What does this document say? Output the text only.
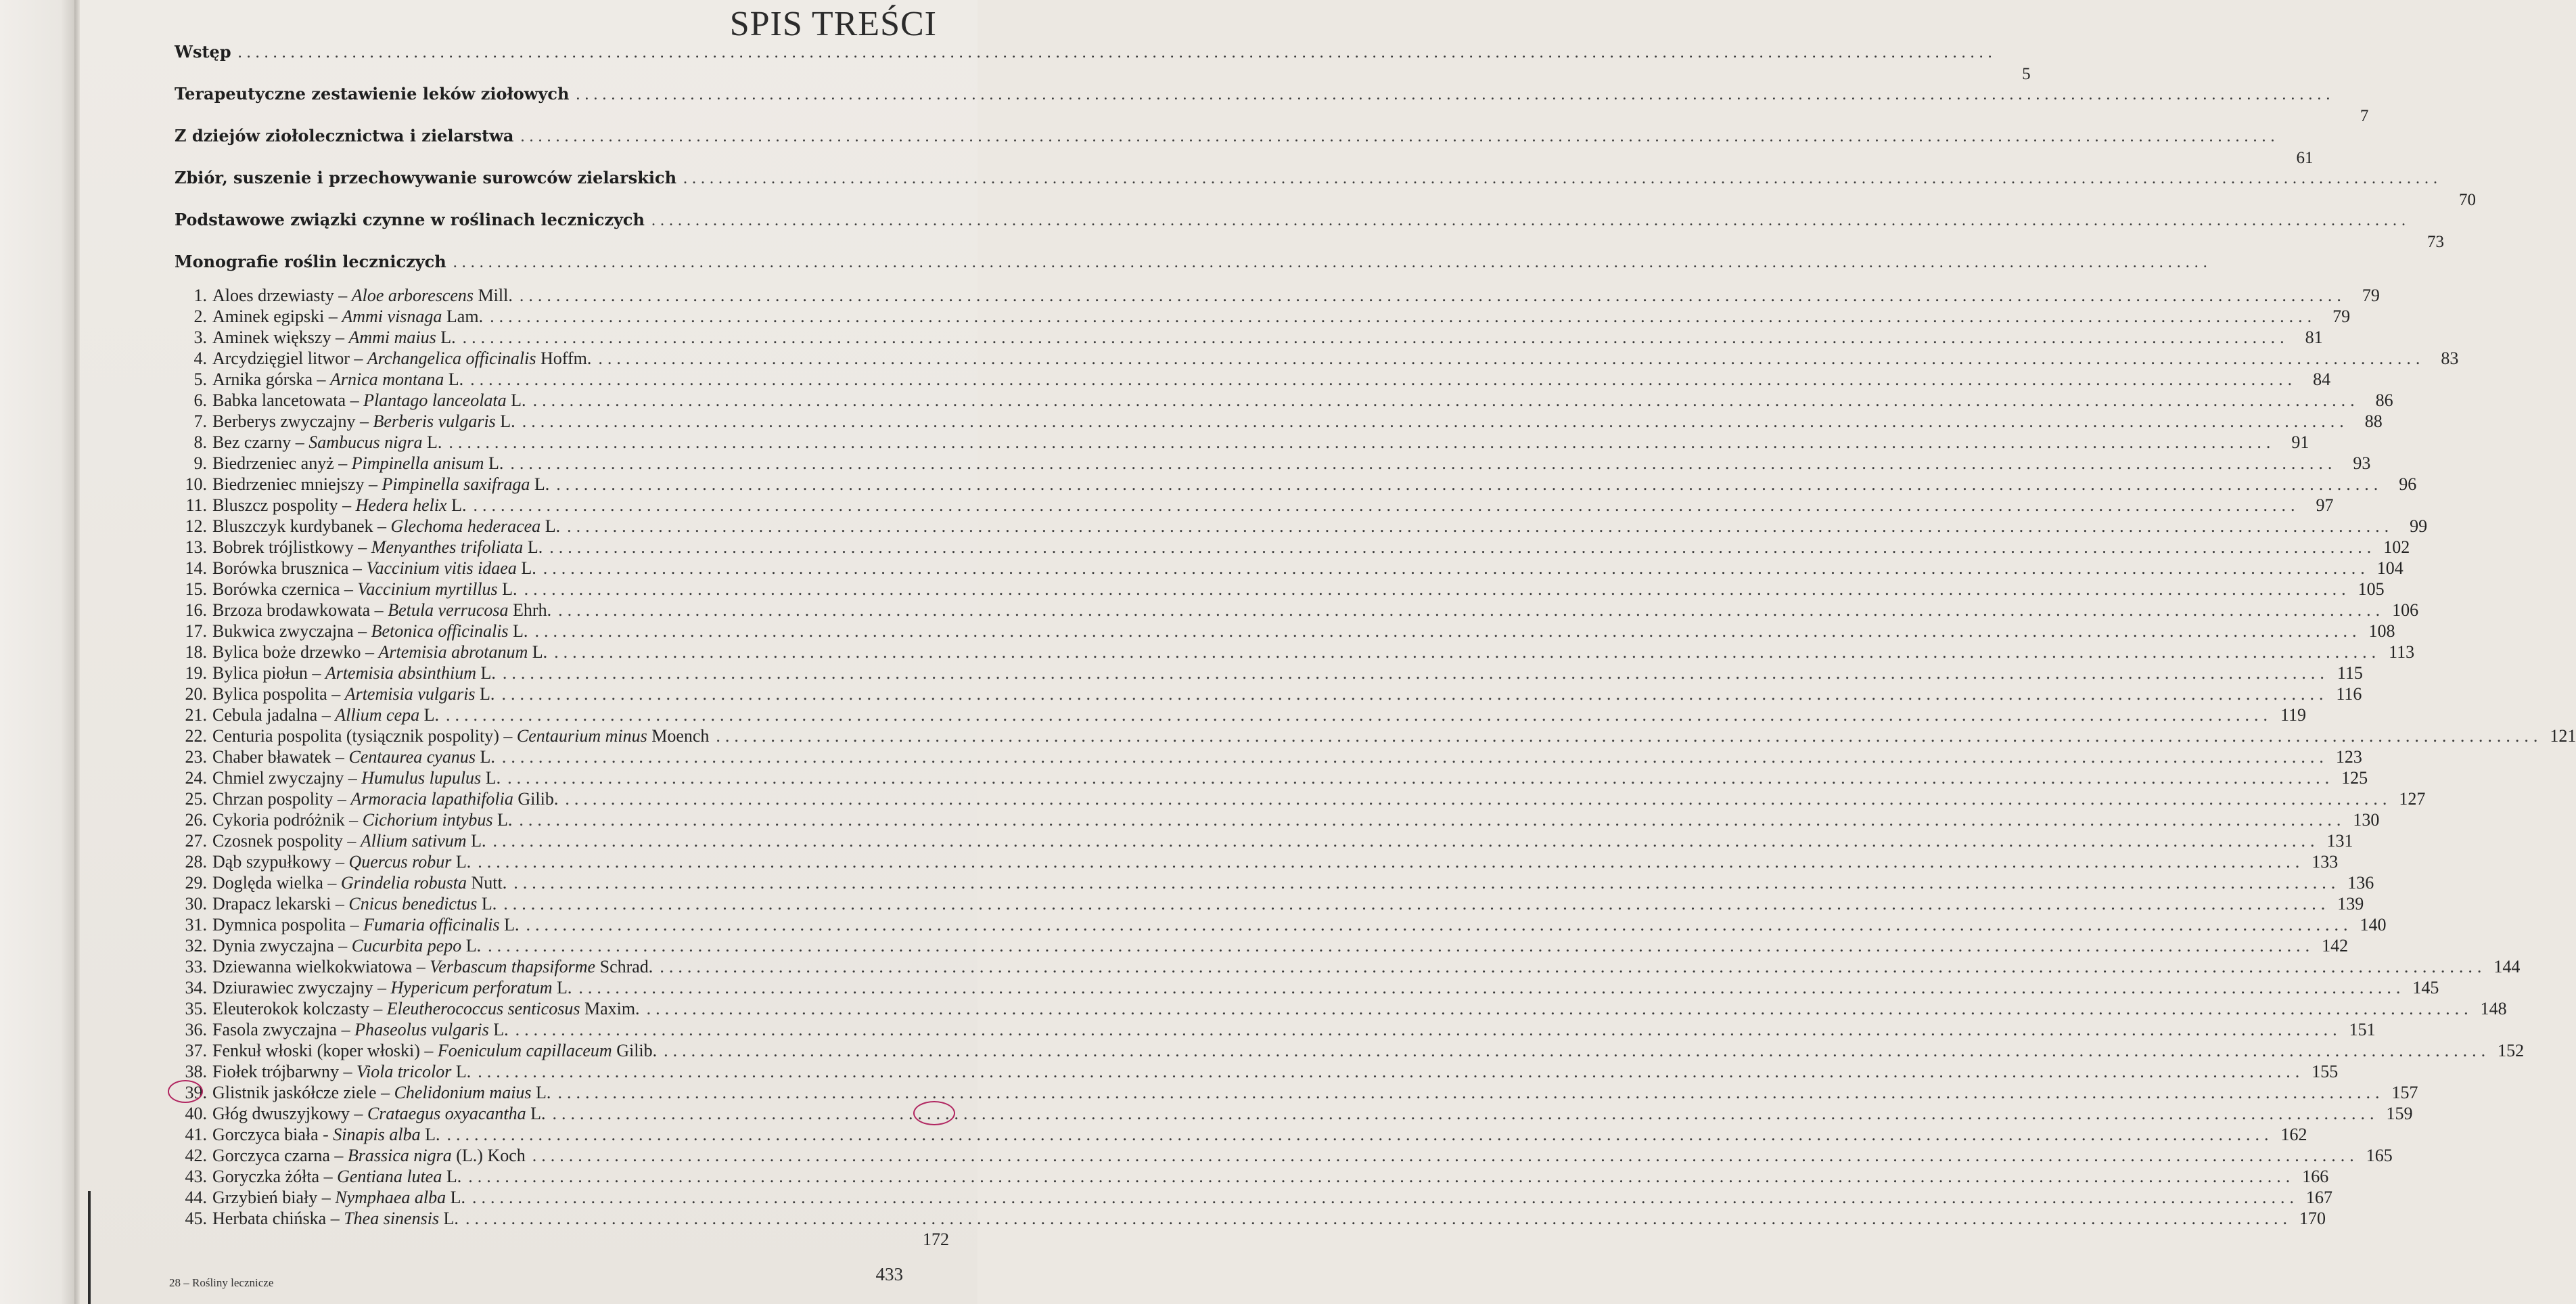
SPIS TREŚCI
Wstęp ........................................................................................................................................................................................................
5
Terapeutyczne zestawienie leków ziołowych ........................................................................................................................................................................................................
7
Z dziejów ziołolecznictwa i zielarstwa ........................................................................................................................................................................................................
61
Zbiór, suszenie i przechowywanie surowców zielarskich ........................................................................................................................................................................................................
70
Podstawowe związki czynne w roślinach leczniczych ........................................................................................................................................................................................................
73
Monografie roślin leczniczych ........................................................................................................................................................................................................
1. Aloes drzewiasty – Aloe arborescens Mill. ........................................................................................................................................................................................................ 79
2. Aminek egipski – Ammi visnaga Lam. ........................................................................................................................................................................................................ 79
3. Aminek większy – Ammi maius L. ........................................................................................................................................................................................................ 81
4. Arcydzięgiel litwor – Archangelica officinalis Hoffm. ........................................................................................................................................................................................................ 83
5. Arnika górska – Arnica montana L. ........................................................................................................................................................................................................ 84
6. Babka lancetowata – Plantago lanceolata L. ........................................................................................................................................................................................................ 86
7. Berberys zwyczajny – Berberis vulgaris L. ........................................................................................................................................................................................................ 88
8. Bez czarny – Sambucus nigra L. ........................................................................................................................................................................................................ 91
9. Biedrzeniec anyż – Pimpinella anisum L. ........................................................................................................................................................................................................ 93
10. Biedrzeniec mniejszy – Pimpinella saxifraga L. ........................................................................................................................................................................................................ 96
11. Bluszcz pospolity – Hedera helix L. ........................................................................................................................................................................................................ 97
12. Bluszczyk kurdybanek – Glechoma hederacea L. ........................................................................................................................................................................................................ 99
13. Bobrek trójlistkowy – Menyanthes trifoliata L. ........................................................................................................................................................................................................ 102
14. Borówka brusznica – Vaccinium vitis idaea L. ........................................................................................................................................................................................................ 104
15. Borówka czernica – Vaccinium myrtillus L. ........................................................................................................................................................................................................ 105
16. Brzoza brodawkowata – Betula verrucosa Ehrh. ........................................................................................................................................................................................................ 106
17. Bukwica zwyczajna – Betonica officinalis L. ........................................................................................................................................................................................................ 108
18. Bylica boże drzewko – Artemisia abrotanum L. ........................................................................................................................................................................................................ 113
19. Bylica piołun – Artemisia absinthium L. ........................................................................................................................................................................................................ 115
20. Bylica pospolita – Artemisia vulgaris L. ........................................................................................................................................................................................................ 116
21. Cebula jadalna – Allium cepa L. ........................................................................................................................................................................................................ 119
22. Centuria pospolita (tysiącznik pospolity) – Centaurium minus Moench ........................................................................................................................................................................................................ 121
23. Chaber bławatek – Centaurea cyanus L. ........................................................................................................................................................................................................ 123
24. Chmiel zwyczajny – Humulus lupulus L. ........................................................................................................................................................................................................ 125
25. Chrzan pospolity – Armoracia lapathifolia Gilib. ........................................................................................................................................................................................................ 127
26. Cykoria podróżnik – Cichorium intybus L. ........................................................................................................................................................................................................ 130
27. Czosnek pospolity – Allium sativum L. ........................................................................................................................................................................................................ 131
28. Dąb szypułkowy – Quercus robur L. ........................................................................................................................................................................................................ 133
29. Doględa wielka – Grindelia robusta Nutt. ........................................................................................................................................................................................................ 136
30. Drapacz lekarski – Cnicus benedictus L. ........................................................................................................................................................................................................ 139
31. Dymnica pospolita – Fumaria officinalis L. ........................................................................................................................................................................................................ 140
32. Dynia zwyczajna – Cucurbita pepo L. ........................................................................................................................................................................................................ 142
33. Dziewanna wielkokwiatowa – Verbascum thapsiforme Schrad. ........................................................................................................................................................................................................ 144
34. Dziurawiec zwyczajny – Hypericum perforatum L. ........................................................................................................................................................................................................ 145
35. Eleuterokok kolczasty – Eleutherococcus senticosus Maxim. ........................................................................................................................................................................................................ 148
36. Fasola zwyczajna – Phaseolus vulgaris L. ........................................................................................................................................................................................................ 151
37. Fenkuł włoski (koper włoski) – Foeniculum capillaceum Gilib. ........................................................................................................................................................................................................ 152
38. Fiołek trójbarwny – Viola tricolor L. ........................................................................................................................................................................................................ 155
39. Glistnik jaskółcze ziele – Chelidonium maius L. ........................................................................................................................................................................................................ 157
40. Głóg dwuszyjkowy – Crataegus oxyacantha L. ........................................................................................................................................................................................................ 159
41. Gorczyca biała - Sinapis alba L. ........................................................................................................................................................................................................ 162
42. Gorczyca czarna – Brassica nigra (L.) Koch ........................................................................................................................................................................................................ 165
43. Goryczka żółta – Gentiana lutea L. ........................................................................................................................................................................................................ 166
44. Grzybień biały – Nymphaea alba L. ........................................................................................................................................................................................................ 167
45. Herbata chińska – Thea sinensis L. ........................................................................................................................................................................................................ 170
172
28 – Rośliny lecznicze	433
